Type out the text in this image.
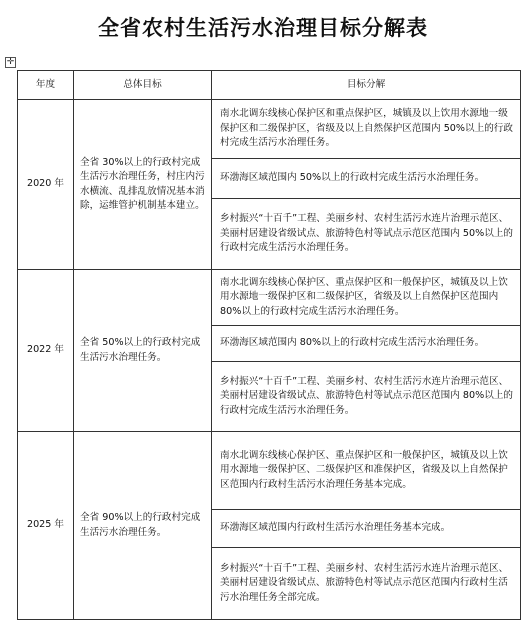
全省农村生活污水治理目标分解表
✛
年度	总体目标	目标分解
2020 年	全省 30%以上的行政村完成生活污水治理任务，村庄内污水横流、乱排乱放情况基本消除，运维管护机制基本建立。	南水北调东线核心保护区和重点保护区，城镇及以上饮用水源地一级保护区和二级保护区，省级及以上自然保护区范围内 50%以上的行政村完成生活污水治理任务。
		环渤海区域范围内 50%以上的行政村完成生活污水治理任务。
		乡村振兴“十百千”工程、美丽乡村、农村生活污水连片治理示范区、美丽村居建设省级试点、旅游特色村等试点示范区范围内 50%以上的行政村完成生活污水治理任务。
2022 年	全省 50%以上的行政村完成生活污水治理任务。	南水北调东线核心保护区、重点保护区和一般保护区，城镇及以上饮用水源地一级保护区和二级保护区，省级及以上自然保护区范围内 80%以上的行政村完成生活污水治理任务。
		环渤海区域范围内 80%以上的行政村完成生活污水治理任务。
		乡村振兴“十百千”工程、美丽乡村、农村生活污水连片治理示范区、美丽村居建设省级试点、旅游特色村等试点示范区范围内 80%以上的行政村完成生活污水治理任务。
2025 年	全省 90%以上的行政村完成生活污水治理任务。	南水北调东线核心保护区、重点保护区和一般保护区，城镇及以上饮用水源地一级保护区、二级保护区和准保护区，省级及以上自然保护区范围内行政村生活污水治理任务基本完成。
		环渤海区域范围内行政村生活污水治理任务基本完成。
		乡村振兴“十百千”工程、美丽乡村、农村生活污水连片治理示范区、美丽村居建设省级试点、旅游特色村等试点示范区范围内行政村生活污水治理任务全部完成。
